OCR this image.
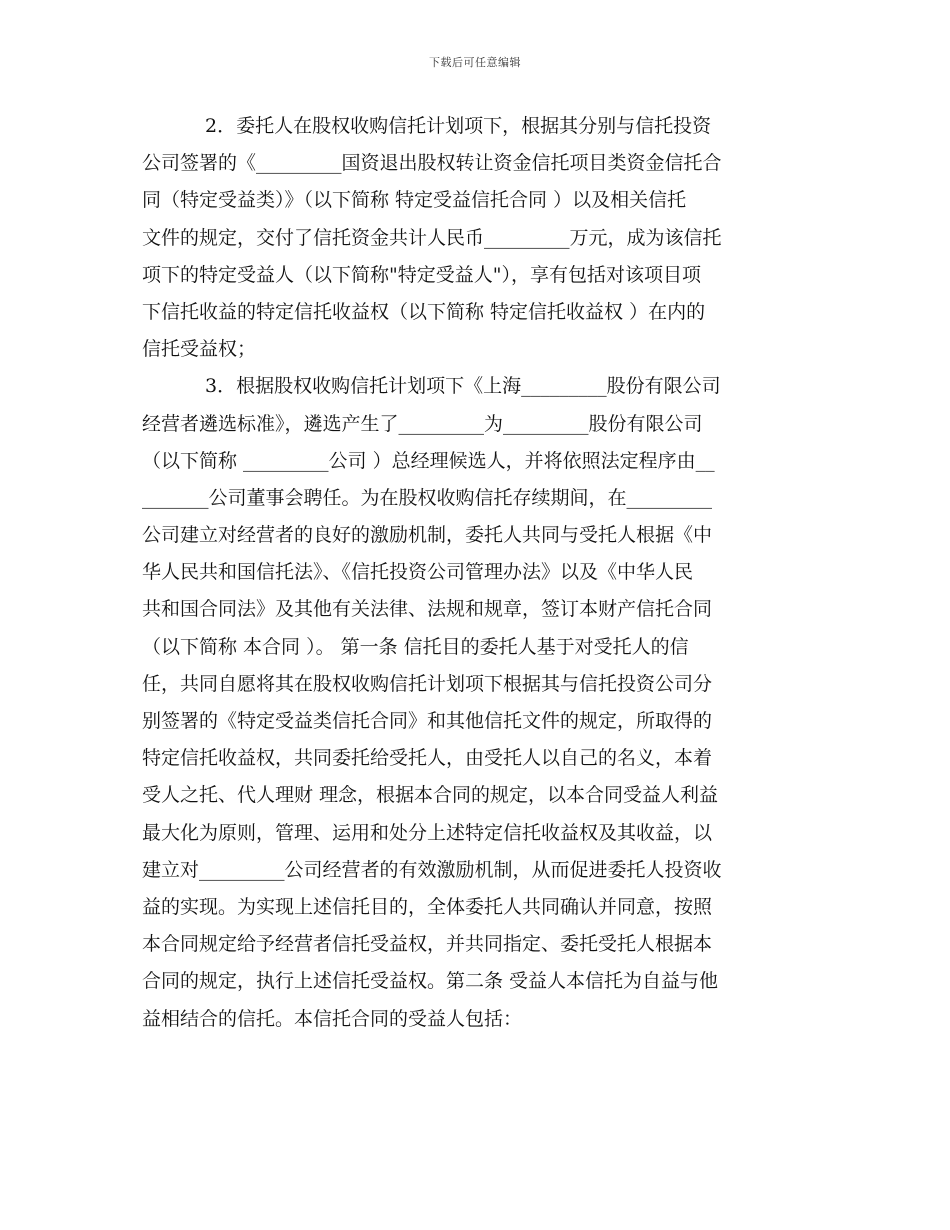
下载后可任意编辑
　　　 2．委托人在股权收购信托计划项下，根据其分别与信托投资
公司签署的《_________国资退出股权转让资金信托项目类资金信托合
同（特定受益类）》（以下简称 特定受益信托合同 ）以及相关信托
文件的规定，交付了信托资金共计人民币_________万元，成为该信托
项下的特定受益人（以下简称"特定受益人"），享有包括对该项目项
下信托收益的特定信托收益权（以下简称 特定信托收益权 ）在内的
信托受益权；
　　　 3．根据股权收购信托计划项下《上海_________股份有限公司
经营者遴选标准》，遴选产生了_________为_________股份有限公司
（以下简称 _________公司 ）总经理候选人，并将依照法定程序由__
_______公司董事会聘任。为在股权收购信托存续期间，在_________
公司建立对经营者的良好的激励机制，委托人共同与受托人根据《中
华人民共和国信托法》、《信托投资公司管理办法》以及《中华人民
共和国合同法》及其他有关法律、法规和规章，签订本财产信托合同
（以下简称 本合同 ）。 第一条 信托目的委托人基于对受托人的信
任，共同自愿将其在股权收购信托计划项下根据其与信托投资公司分
别签署的《特定受益类信托合同》和其他信托文件的规定，所取得的
特定信托收益权，共同委托给受托人，由受托人以自己的名义，本着
受人之托、代人理财 理念，根据本合同的规定，以本合同受益人利益
最大化为原则，管理、运用和处分上述特定信托收益权及其收益，以
建立对_________公司经营者的有效激励机制，从而促进委托人投资收
益的实现。为实现上述信托目的，全体委托人共同确认并同意，按照
本合同规定给予经营者信托受益权，并共同指定、委托受托人根据本
合同的规定，执行上述信托受益权。第二条 受益人本信托为自益与他
益相结合的信托。本信托合同的受益人包括：
